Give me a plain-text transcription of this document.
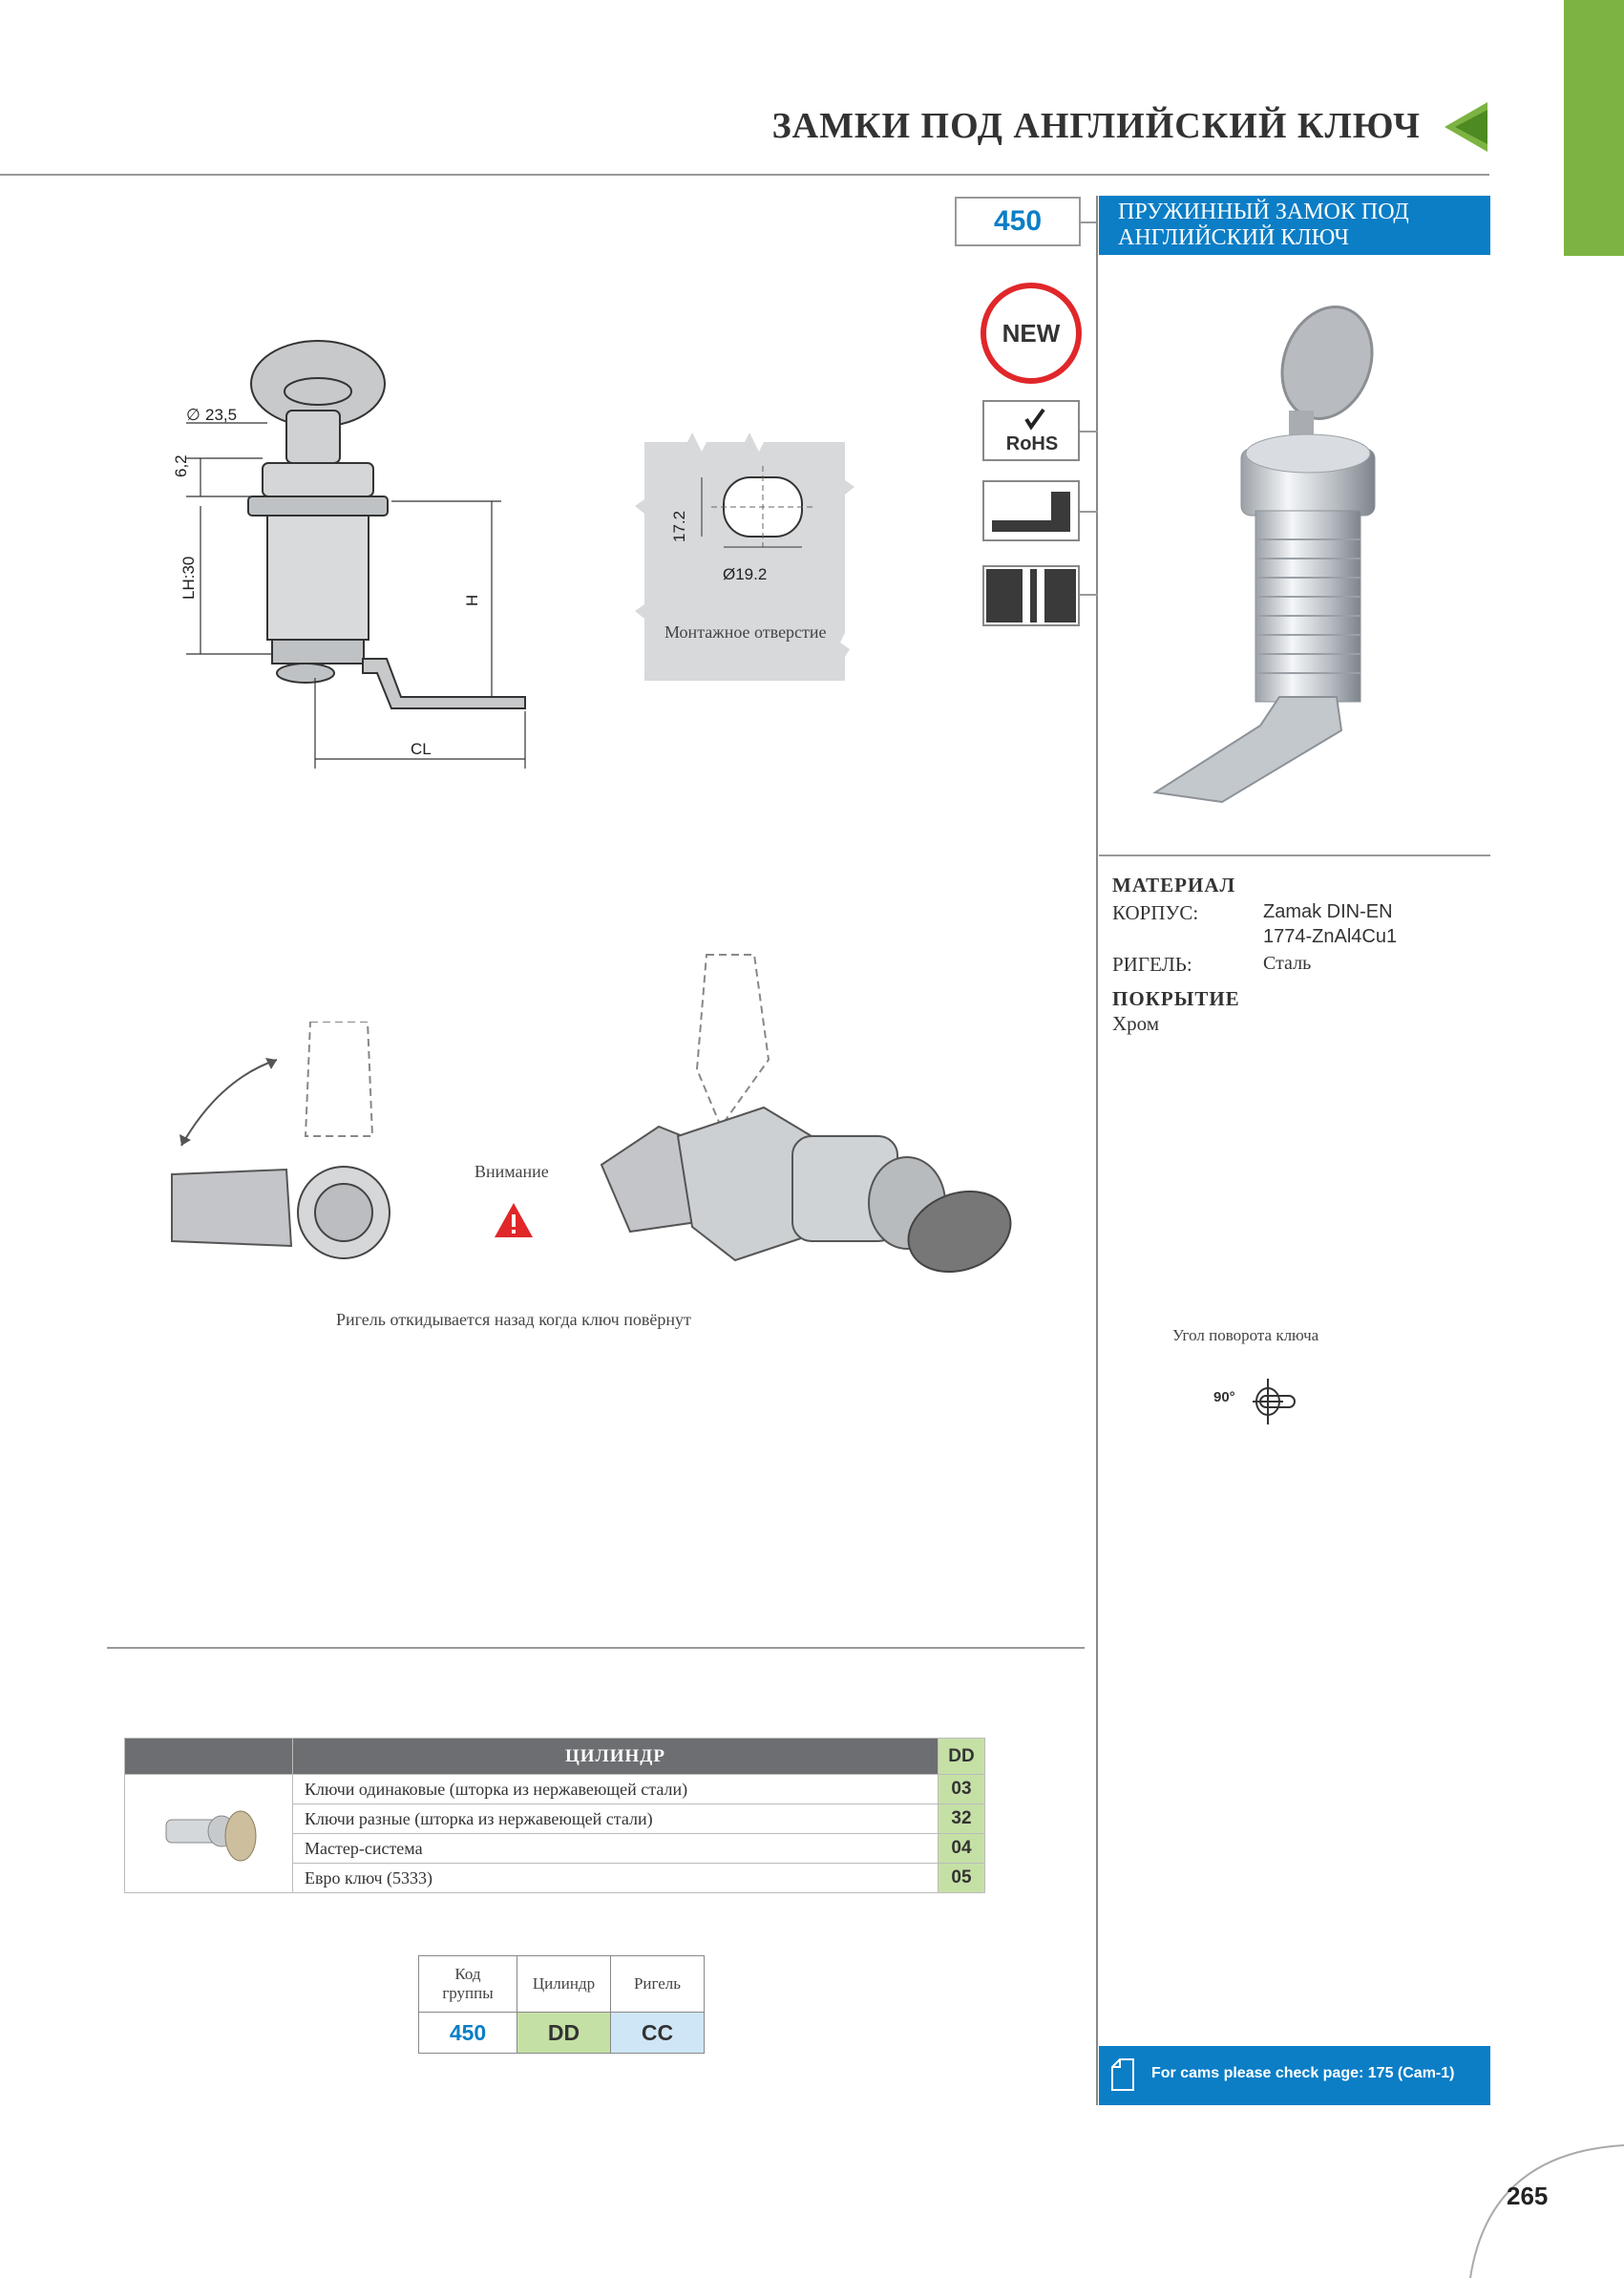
ЗАМКИ ПОД АНГЛИЙСКИЙ КЛЮЧ
450	ПРУЖИННЫЙ ЗАМОК ПОД
АНГЛИЙСКИЙ КЛЮЧ
NEW
RoHS
МАТЕРИАЛ
КОРПУС:	Zamak DIN-EN
1774-ZnAl4Cu1
РИГЕЛЬ:	Сталь
ПОКРЫТИЕ
Хром
Угол поворота ключа
90°
For cams please check page: 175 (Cam-1)
∅ 23,5
6,2
LH:30
H
CL
17.2
Ø19.2
Монтажное отверстие
Внимание
Ригель откидывается назад когда ключ повёрнут
	ЦИЛИНДР	DD
	Ключи одинаковые (шторка из нержавеющей стали)	03
	Ключи разные (шторка из нержавеющей стали)	32
	Мастер-система	04
	Евро ключ (5333)	05
Код
группы	Цилиндр	Ригель
450	DD	CC
265
